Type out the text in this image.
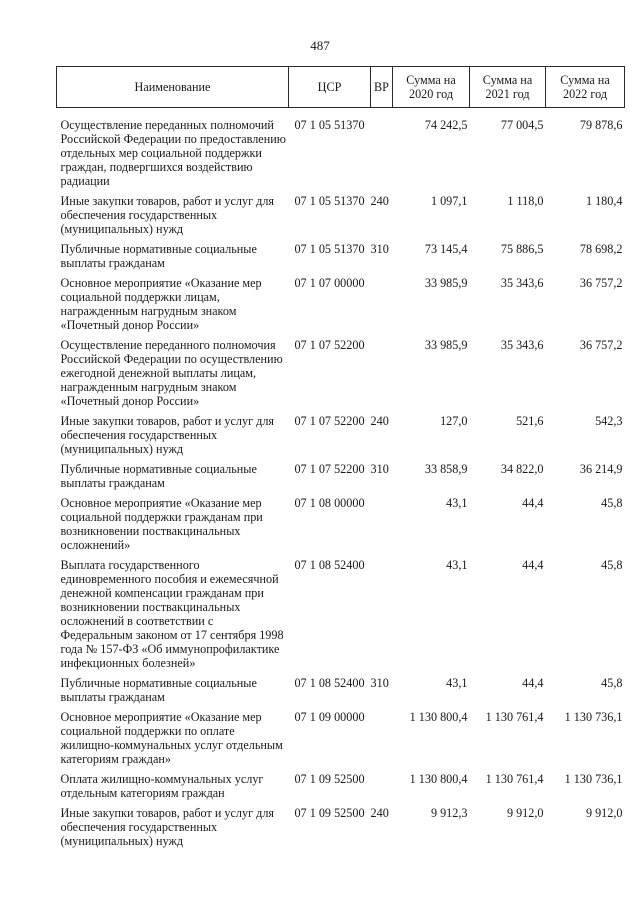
487
Наименование	ЦСР	ВР	Сумма на 2020 год	Сумма на 2021 год	Сумма на 2022 год
Осуществление переданных полномочий Российской Федерации по предоставлению отдельных мер социальной поддержки граждан, подвергшихся воздействию радиации	07 1 05 51370		74 242,5	77 004,5	79 878,6
Иные закупки товаров, работ и услуг для обеспечения государственных (муниципальных) нужд	07 1 05 51370	240	1 097,1	1 118,0	1 180,4
Публичные нормативные социальные выплаты гражданам	07 1 05 51370	310	73 145,4	75 886,5	78 698,2
Основное мероприятие «Оказание мер социальной поддержки лицам, награжденным нагрудным знаком «Почетный донор России»	07 1 07 00000		33 985,9	35 343,6	36 757,2
Осуществление переданного полномочия Российской Федерации по осуществлению ежегодной денежной выплаты лицам, награжденным нагрудным знаком «Почетный донор России»	07 1 07 52200		33 985,9	35 343,6	36 757,2
Иные закупки товаров, работ и услуг для обеспечения государственных (муниципальных) нужд	07 1 07 52200	240	127,0	521,6	542,3
Публичные нормативные социальные выплаты гражданам	07 1 07 52200	310	33 858,9	34 822,0	36 214,9
Основное мероприятие «Оказание мер социальной поддержки гражданам при возникновении поствакцинальных осложнений»	07 1 08 00000		43,1	44,4	45,8
Выплата государственного единовременного пособия и ежемесячной денежной компенсации гражданам при возникновении поствакцинальных осложнений в соответствии с Федеральным законом от 17 сентября 1998 года № 157-ФЗ «Об иммунопрофилактике инфекционных болезней»	07 1 08 52400		43,1	44,4	45,8
Публичные нормативные социальные выплаты гражданам	07 1 08 52400	310	43,1	44,4	45,8
Основное мероприятие «Оказание мер социальной поддержки по оплате жилищно-коммунальных услуг отдельным категориям граждан»	07 1 09 00000		1 130 800,4	1 130 761,4	1 130 736,1
Оплата жилищно-коммунальных услуг отдельным категориям граждан	07 1 09 52500		1 130 800,4	1 130 761,4	1 130 736,1
Иные закупки товаров, работ и услуг для обеспечения государственных (муниципальных) нужд	07 1 09 52500	240	9 912,3	9 912,0	9 912,0
